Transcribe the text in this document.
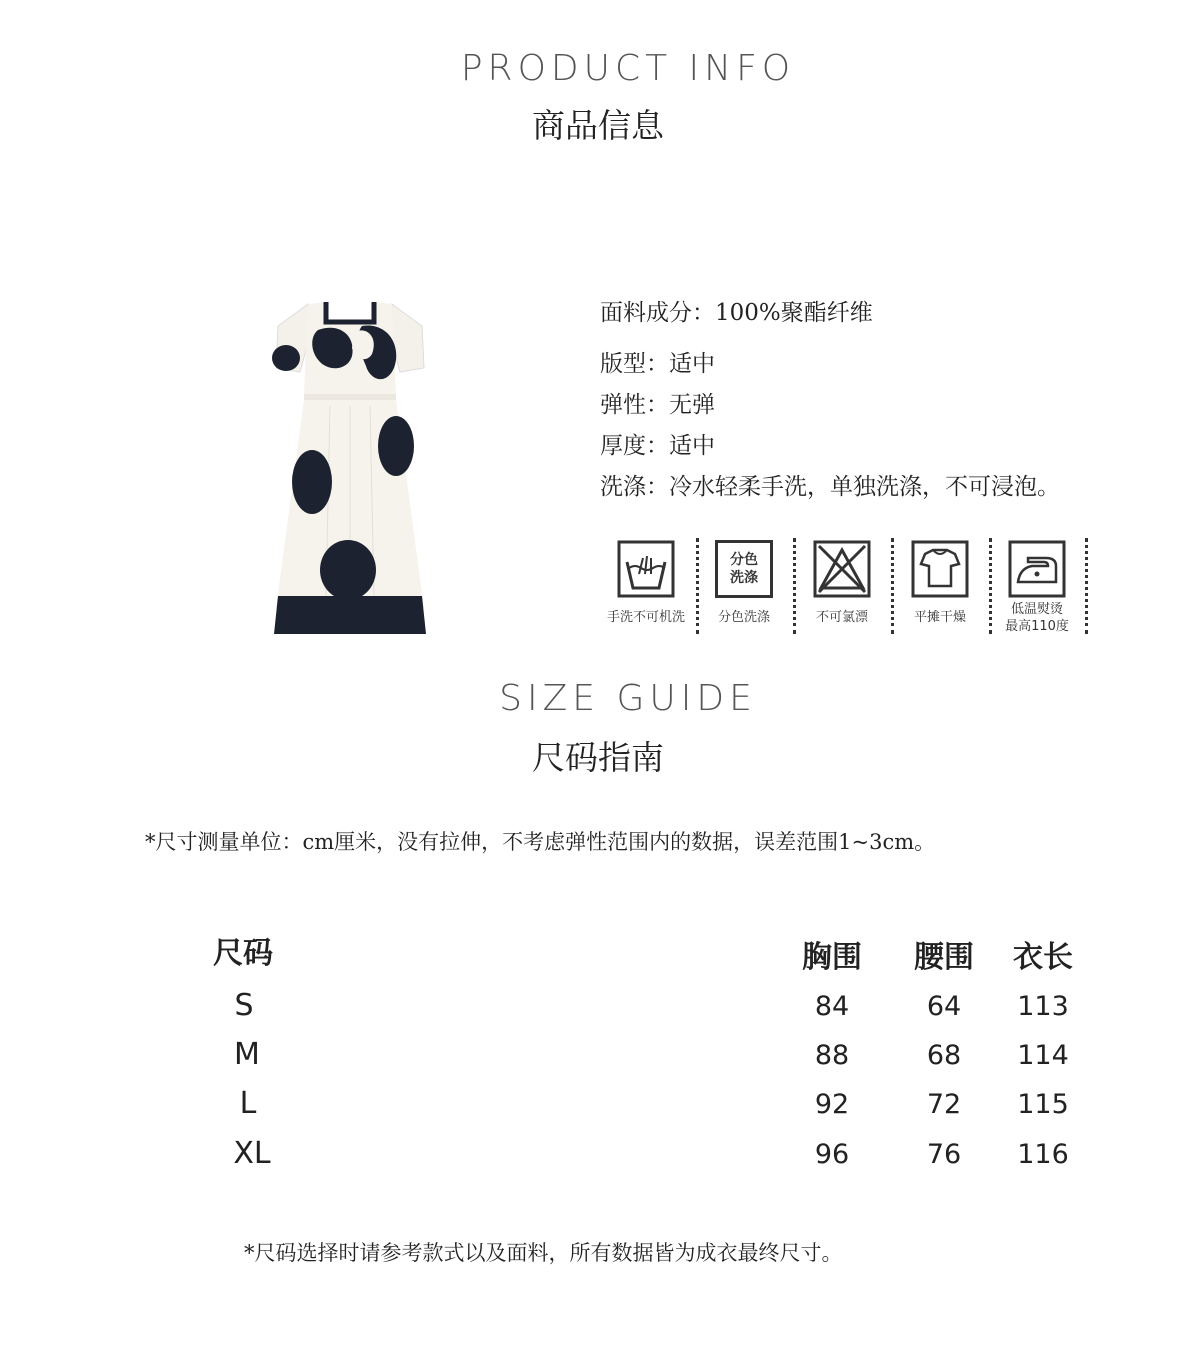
PRODUCT INFO
商品信息
面料成分：100%聚酯纤维
版型：适中
弹性：无弹
厚度：适中
洗涤：冷水轻柔手洗，单独洗涤，不可浸泡。
手洗不可机洗
分色
洗涤
分色洗涤	不可氯漂	平摊干燥
低温熨烫
最高110度
SIZE GUIDE
尺码指南
*尺寸测量单位：cm厘米，没有拉伸，不考虑弹性范围内的数据，误差范围1~3cm。
尺码	胸围	腰围	衣长
S	84	64	113
M	88	68	114
L	92	72	115
XL	96	76	116
*尺码选择时请参考款式以及面料，所有数据皆为成衣最终尺寸。
